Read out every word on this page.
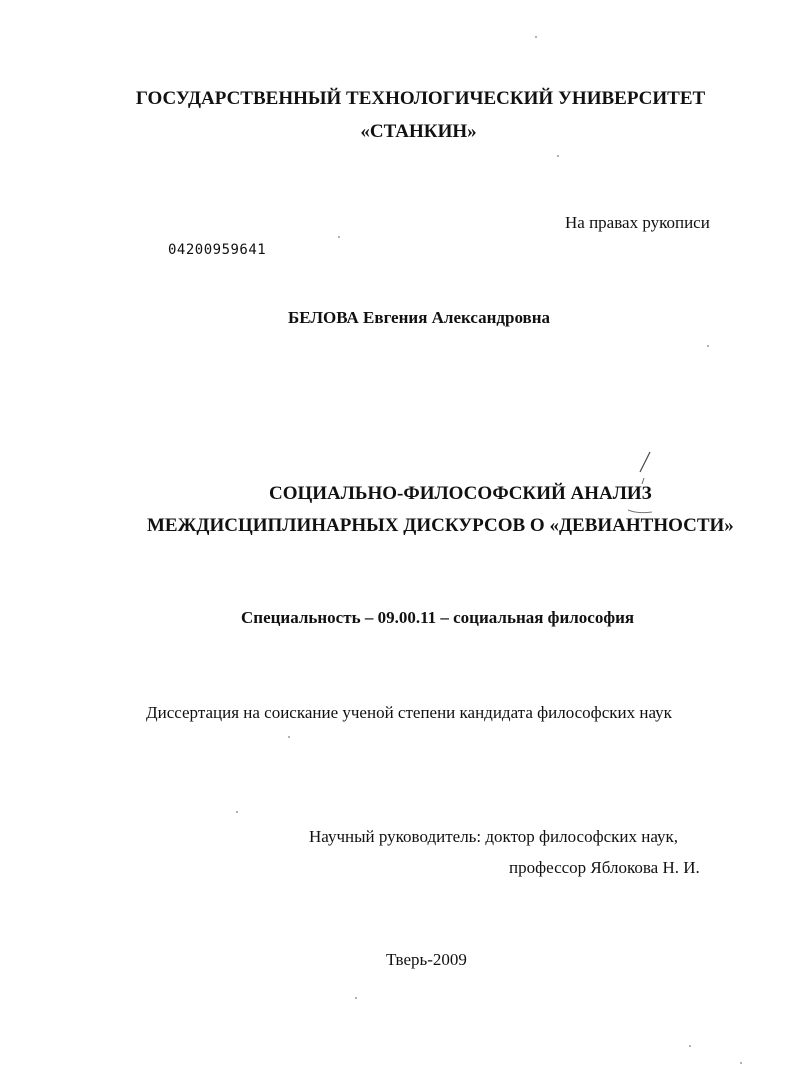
ГОСУДАРСТВЕННЫЙ ТЕХНОЛОГИЧЕСКИЙ УНИВЕРСИТЕТ
«СТАНКИН»
На правах рукописи
04200959641
БЕЛОВА Евгения Александровна
СОЦИАЛЬНО-ФИЛОСОФСКИЙ АНАЛИЗ
МЕЖДИСЦИПЛИНАРНЫХ ДИСКУРСОВ О «ДЕВИАНТНОСТИ»
Специальность – 09.00.11 – социальная философия
Диссертация на соискание ученой степени кандидата философских наук
Научный руководитель: доктор философских наук,
профессор Яблокова Н. И.
Тверь-2009
